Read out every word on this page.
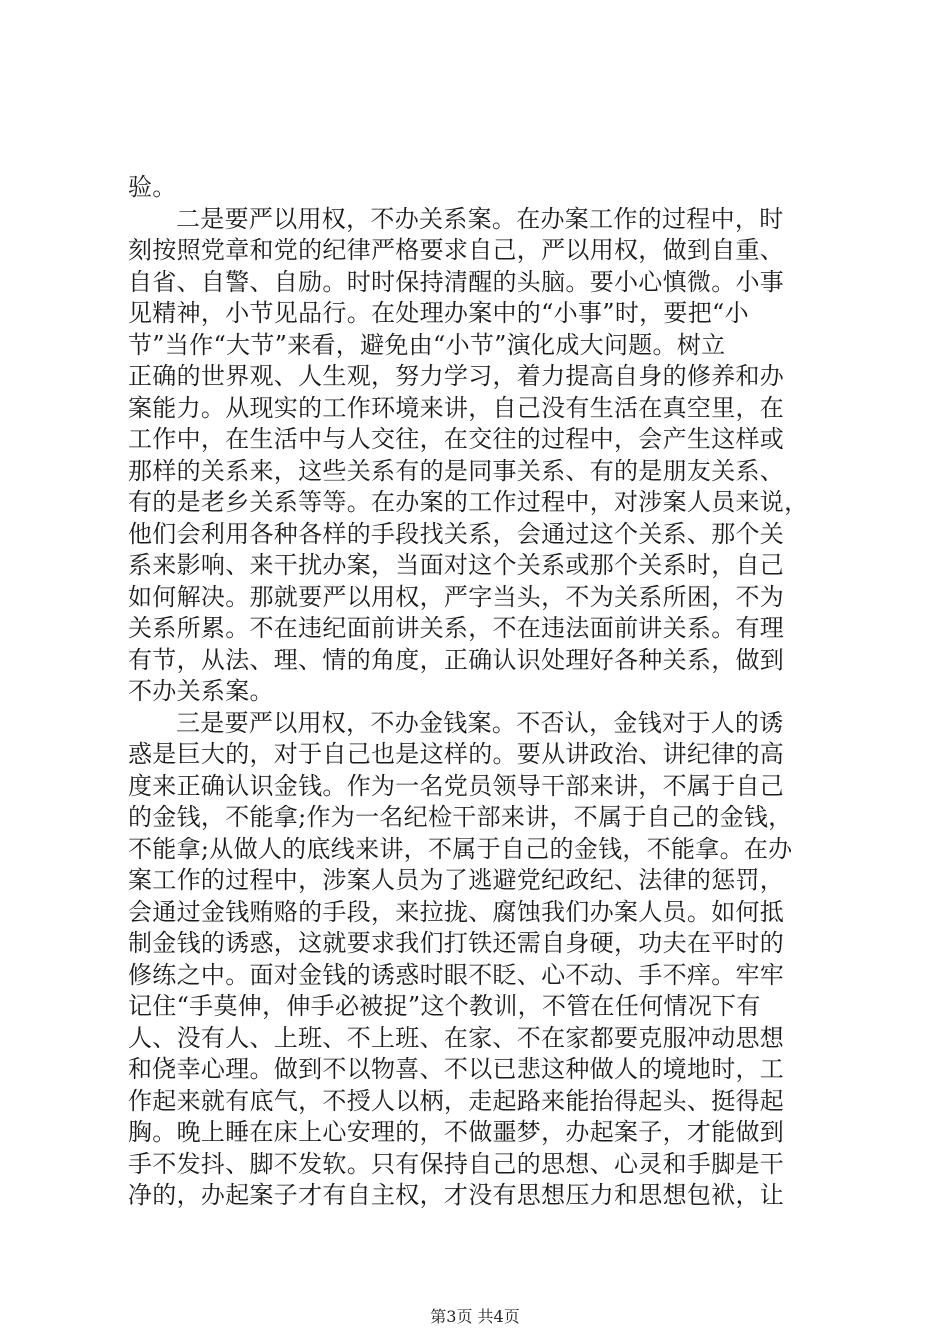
验。
二是要严以用权，不办关系案。在办案工作的过程中，时
刻按照党章和党的纪律严格要求自己，严以用权，做到自重、
自省、自警、自励。时时保持清醒的头脑。要小心慎微。小事
见精神，小节见品行。在处理办案中的“小事”时，要把“小
节”当作“大节”来看，避免由“小节”演化成大问题。树立
正确的世界观、人生观，努力学习，着力提高自身的修养和办
案能力。从现实的工作环境来讲，自己没有生活在真空里，在
工作中，在生活中与人交往，在交往的过程中，会产生这样或
那样的关系来，这些关系有的是同事关系、有的是朋友关系、
有的是老乡关系等等。在办案的工作过程中，对涉案人员来说，
他们会利用各种各样的手段找关系，会通过这个关系、那个关
系来影响、来干扰办案，当面对这个关系或那个关系时，自己
如何解决。那就要严以用权，严字当头，不为关系所困，不为
关系所累。不在违纪面前讲关系，不在违法面前讲关系。有理
有节，从法、理、情的角度，正确认识处理好各种关系，做到
不办关系案。
三是要严以用权，不办金钱案。不否认，金钱对于人的诱
惑是巨大的，对于自己也是这样的。要从讲政治、讲纪律的高
度来正确认识金钱。作为一名党员领导干部来讲，不属于自己
的金钱，不能拿;作为一名纪检干部来讲，不属于自己的金钱，
不能拿;从做人的底线来讲，不属于自己的金钱，不能拿。在办
案工作的过程中，涉案人员为了逃避党纪政纪、法律的惩罚，
会通过金钱贿赂的手段，来拉拢、腐蚀我们办案人员。如何抵
制金钱的诱惑，这就要求我们打铁还需自身硬，功夫在平时的
修练之中。面对金钱的诱惑时眼不眨、心不动、手不痒。牢牢
记住“手莫伸，伸手必被捉”这个教训，不管在任何情况下有
人、没有人、上班、不上班、在家、不在家都要克服冲动思想
和侥幸心理。做到不以物喜、不以已悲这种做人的境地时，工
作起来就有底气，不授人以柄，走起路来能抬得起头、挺得起
胸。晚上睡在床上心安理的，不做噩梦，办起案子，才能做到
手不发抖、脚不发软。只有保持自己的思想、心灵和手脚是干
净的，办起案子才有自主权，才没有思想压力和思想包袱，让
第3页 共4页
